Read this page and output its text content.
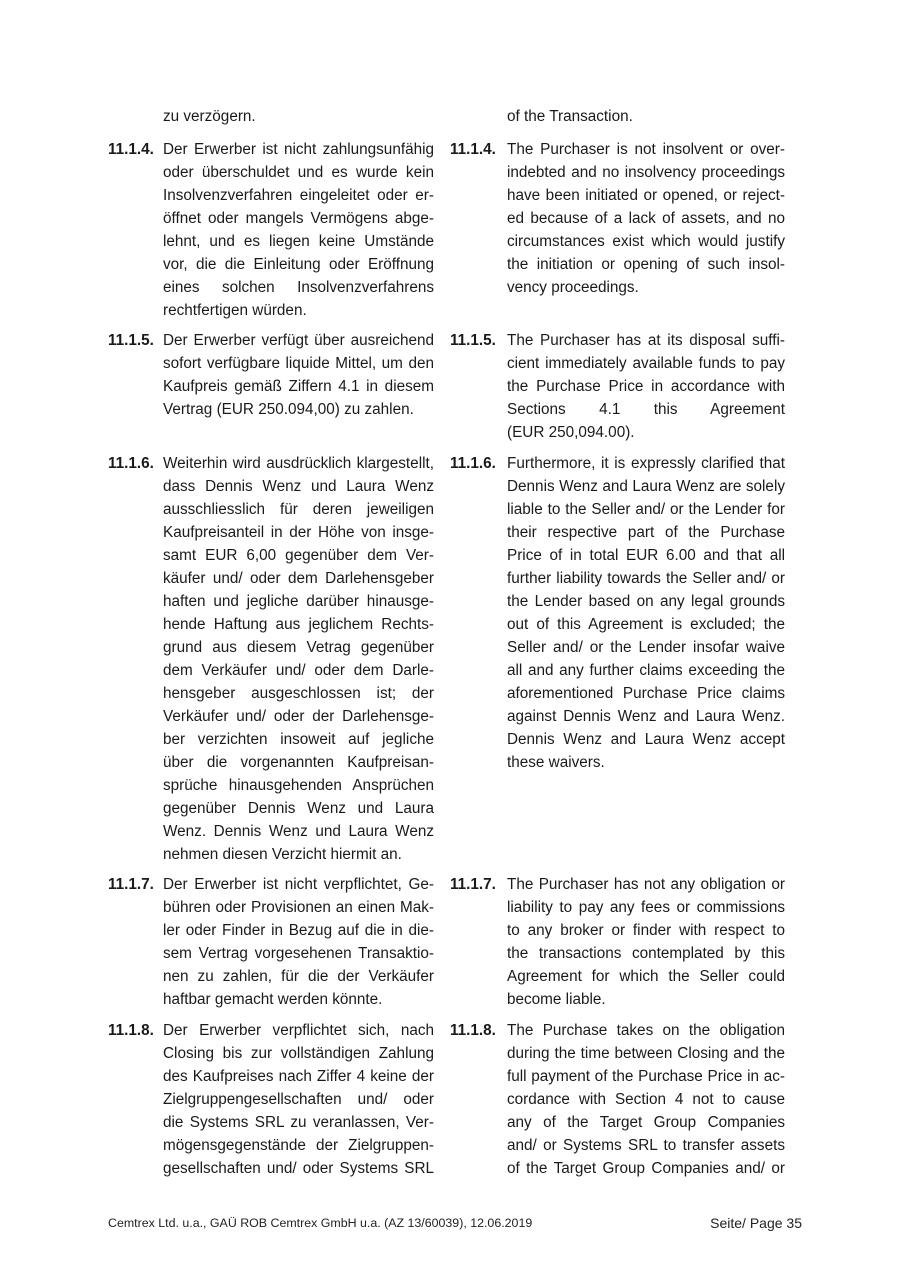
zu verzögern.	of the Transaction.
11.1.4. Der Erwerber ist nicht zahlungsunfähig
oder überschuldet und es wurde kein
Insolvenzverfahren eingeleitet oder er-
öffnet oder mangels Vermögens abge-
lehnt, und es liegen keine Umstände
vor, die die Einleitung oder Eröffnung
eines solchen Insolvenzverfahrens
rechtfertigen würden.
11.1.4. The Purchaser is not insolvent or over-
indebted and no insolvency proceedings
have been initiated or opened, or reject-
ed because of a lack of assets, and no
circumstances exist which would justify
the initiation or opening of such insol-
vency proceedings.
11.1.5. Der Erwerber verfügt über ausreichend
sofort verfügbare liquide Mittel, um den
Kaufpreis gemäß Ziffern 4.1 in diesem
Vertrag (EUR 250.094,00) zu zahlen.
11.1.5. The Purchaser has at its disposal suffi-
cient immediately available funds to pay
the Purchase Price in accordance with
Sections 4.1 this Agreement
(EUR 250,094.00).
11.1.6. Weiterhin wird ausdrücklich klargestellt,
dass Dennis Wenz und Laura Wenz
ausschliesslich für deren jeweiligen
Kaufpreisanteil in der Höhe von insge-
samt EUR 6,00 gegenüber dem Ver-
käufer und/ oder dem Darlehensgeber
haften und jegliche darüber hinausge-
hende Haftung aus jeglichem Rechts-
grund aus diesem Vetrag gegenüber
dem Verkäufer und/ oder dem Darle-
hensgeber ausgeschlossen ist; der
Verkäufer und/ oder der Darlehensge-
ber verzichten insoweit auf jegliche
über die vorgenannten Kaufpreisan-
sprüche hinausgehenden Ansprüchen
gegenüber Dennis Wenz und Laura
Wenz. Dennis Wenz und Laura Wenz
nehmen diesen Verzicht hiermit an.
11.1.6. Furthermore, it is expressly clarified that
Dennis Wenz and Laura Wenz are solely
liable to the Seller and/ or the Lender for
their respective part of the Purchase
Price of in total EUR 6.00 and that all
further liability towards the Seller and/ or
the Lender based on any legal grounds
out of this Agreement is excluded; the
Seller and/ or the Lender insofar waive
all and any further claims exceeding the
aforementioned Purchase Price claims
against Dennis Wenz and Laura Wenz.
Dennis Wenz and Laura Wenz accept
these waivers.
11.1.7. Der Erwerber ist nicht verpflichtet, Ge-
bühren oder Provisionen an einen Mak-
ler oder Finder in Bezug auf die in die-
sem Vertrag vorgesehenen Transaktio-
nen zu zahlen, für die der Verkäufer
haftbar gemacht werden könnte.
11.1.7. The Purchaser has not any obligation or
liability to pay any fees or commissions
to any broker or finder with respect to
the transactions contemplated by this
Agreement for which the Seller could
become liable.
11.1.8. Der Erwerber verpflichtet sich, nach
Closing bis zur vollständigen Zahlung
des Kaufpreises nach Ziffer 4 keine der
Zielgruppengesellschaften und/ oder
die Systems SRL zu veranlassen, Ver-
mögensgegenstände der Zielgruppen-
gesellschaften und/ oder Systems SRL
11.1.8. The Purchase takes on the obligation
during the time between Closing and the
full payment of the Purchase Price in ac-
cordance with Section 4 not to cause
any of the Target Group Companies
and/ or Systems SRL to transfer assets
of the Target Group Companies and/ or
Cemtrex Ltd. u.a., GAÜ ROB Cemtrex GmbH u.a. (AZ 13/60039), 12.06.2019	Seite/ Page 35
